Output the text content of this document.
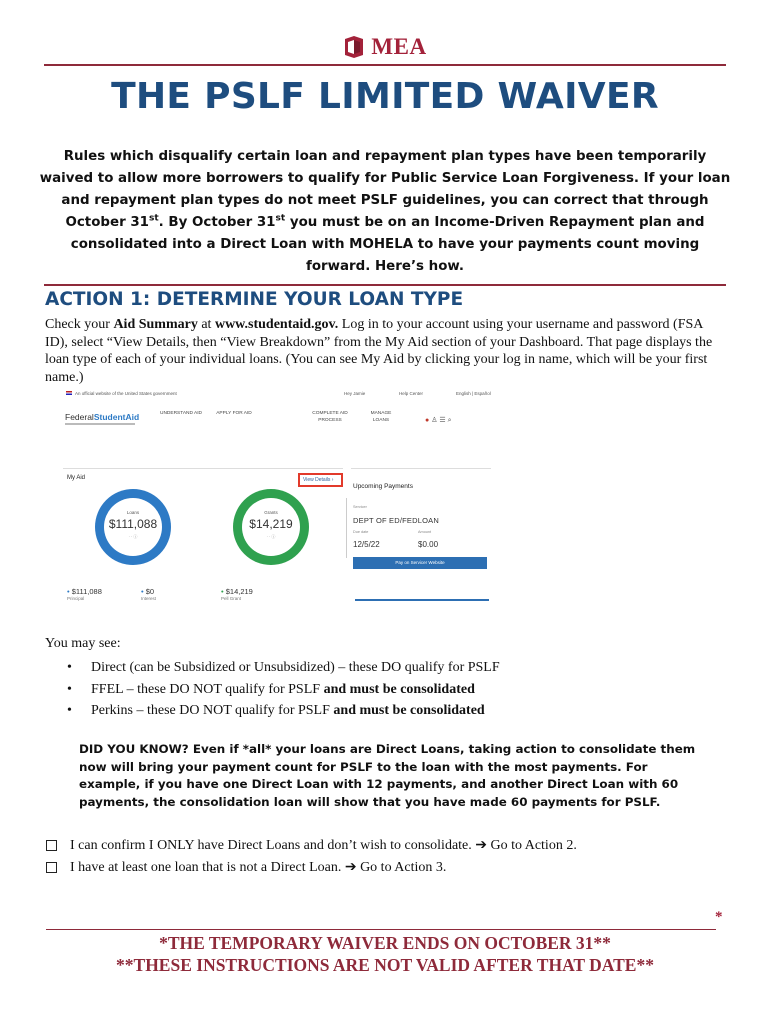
MEA
THE PSLF LIMITED WAIVER

Rules which disqualify certain loan and repayment plan types have been temporarily waived to allow more borrowers to qualify for Public Service Loan Forgiveness. If your loan and repayment plan types do not meet PSLF guidelines, you can correct that through October 31st. By October 31st you must be on an Income-Driven Repayment plan and consolidated into a Direct Loan with MOHELA to have your payments count moving forward. Here’s how.

ACTION 1: DETERMINE YOUR LOAN TYPE

Check your Aid Summary at www.studentaid.gov. Log in to your account using your username and password (FSA ID), select “View Details, then “View Breakdown” from the My Aid section of your Dashboard. That page displays the loan type of each of your individual loans. (You can see My Aid by clicking your log in name, which will be your first name.)

An official website of the United States government	Hey Jamie	Help Center	English | Español
FederalStudentAid	UNDERSTAND AID	APPLY FOR AID	COMPLETE AID PROCESS
MANAGE LOANS	● ♙ ☰ ⌕
My Aid	View Details ›
Loans
$111,088
· · ⓘ
Grants
$14,219
· · ⓘ
• $111,088
Principal
• $0
Interest
• $14,219
Pell Grant
Upcoming Payments
Servicer
DEPT OF ED/FEDLOAN
Due date	Amount
12/5/22	$0.00
Pay on Servicer Website

You may see:

• Direct (can be Subsidized or Unsubsidized) – these DO qualify for PSLF
• FFEL – these DO NOT qualify for PSLF and must be consolidated
• Perkins – these DO NOT qualify for PSLF and must be consolidated

DID YOU KNOW? Even if *all* your loans are Direct Loans, taking action to consolidate them now will bring your payment count for PSLF to the loan with the most payments. For example, if you have one Direct Loan with 12 payments, and another Direct Loan with 60 payments, the consolidation loan will show that you have made 60 payments for PSLF.

I can confirm I ONLY have Direct Loans and don’t wish to consolidate. ➔ Go to Action 2.
I have at least one loan that is not a Direct Loan. ➔ Go to Action 3.
*
*THE TEMPORARY WAIVER ENDS ON OCTOBER 31**
**THESE INSTRUCTIONS ARE NOT VALID AFTER THAT DATE**
